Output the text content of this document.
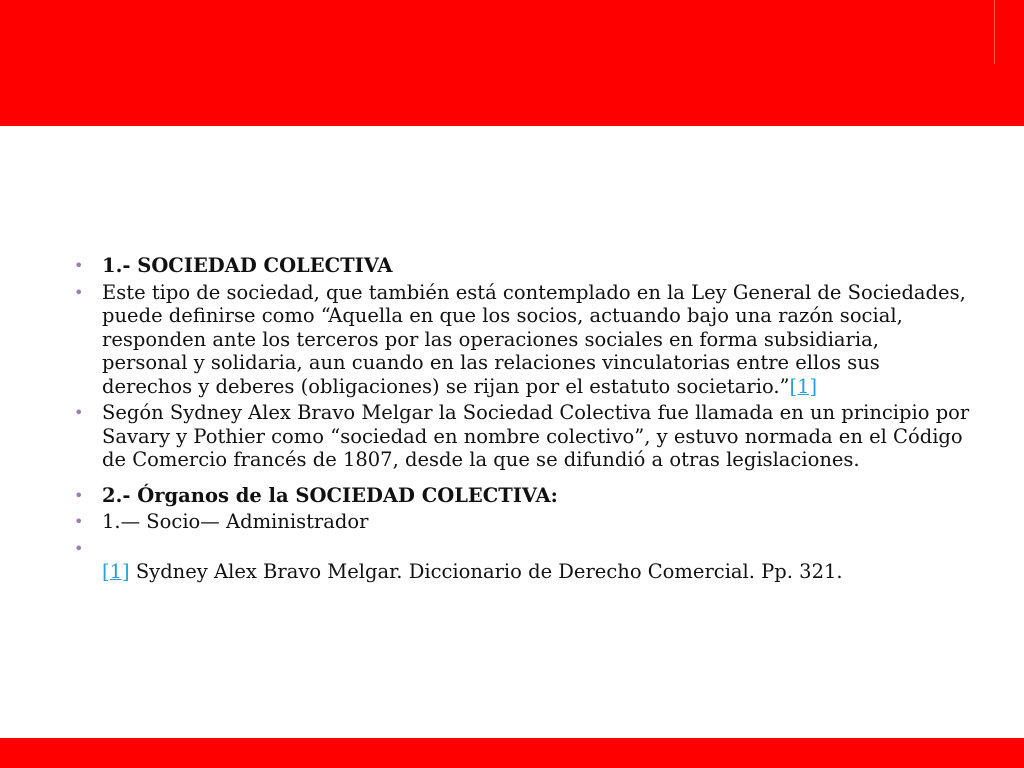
• 1.- SOCIEDAD COLECTIVA
• Este tipo de sociedad, que también está contemplado en la Ley General de Sociedades, puede definirse como “Aquella en que los socios, actuando bajo una razón social, responden ante los terceros por las operaciones sociales en forma subsidiaria, personal y solidaria, aun cuando en las relaciones vinculatorias entre ellos sus derechos y deberes (obligaciones) se rijan por el estatuto societario.”[1]
• Segón Sydney Alex Bravo Melgar la Sociedad Colectiva fue llamada en un principio por Savary y Pothier como “sociedad en nombre colectivo”, y estuvo normada en el Código de Comercio francés de 1807, desde la que se difundió a otras legislaciones.
• 2.- Órganos de la SOCIEDAD COLECTIVA:
• 1.— Socio— Administrador
•

[1] Sydney Alex Bravo Melgar. Diccionario de Derecho Comercial. Pp. 321.
